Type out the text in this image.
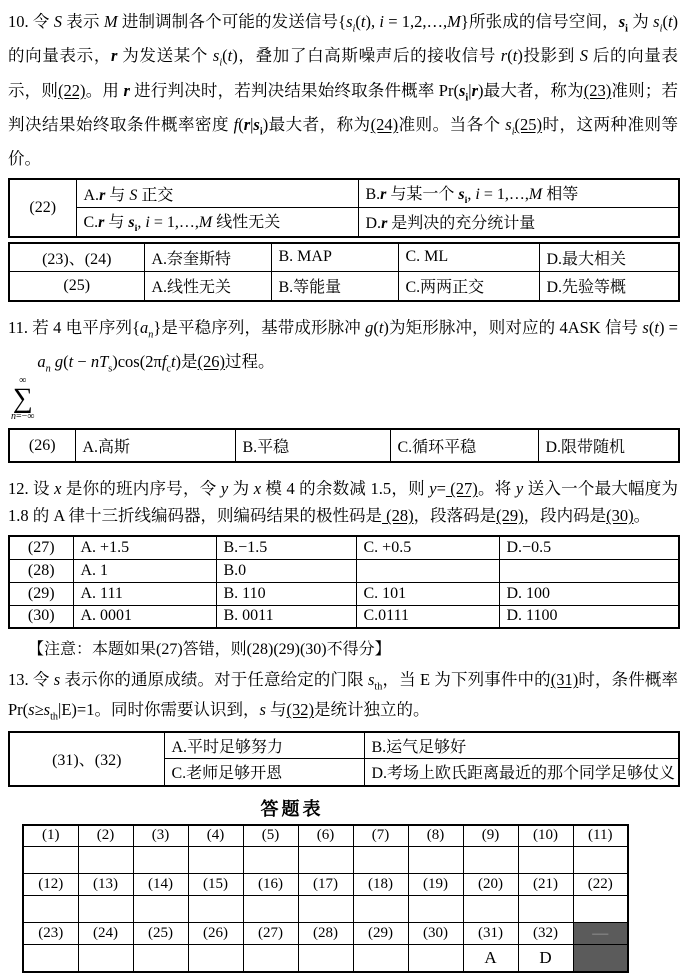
10. 令 S 表示 M 进制调制各个可能的发送信号{$s_i(t)$, i = 1,2,…,M}所张成的信号空间，$s_i$ 为 $s_i(t)$的向量表示，r 为发送某个 $s_i(t)$，叠加了白高斯噪声后的接收信号 r(t)投影到 S 后的向量表示，则(22)。用 r 进行判决时，若判决结果始终取条件概率 $Pr(s_i|r)$最大者，称为(23)准则；若判决结果始终取条件概率密度 $f(r|s_i)$最大者，称为(24)准则。当各个 $s_i(25)$时，这两种准则等价。

(22)	A.r 与 S 正交	B.r 与某一个 $s_i$, i = 1,…,M 相等
	C.r 与 $s_i$, i = 1,…,M 线性无关	D.r 是判决的充分统计量
(23)、(24)	A.奈奎斯特	B. MAP	C. ML	D.最大相关
(25)	A.线性无关	B.等能量	C.两两正交	D.先验等概

11. 若 4 电平序列$\{a_n\}$是平稳序列，基带成形脉冲 g(t)为矩形脉冲，则对应的 4ASK 信号 s(t) =
∞
∑
n=−∞
$a_n$ $g(t - nT_s)\cos(2\pi f_ct)$是(26)过程。

(26)	A.高斯	B.平稳	C.循环平稳	D.限带随机

12. 设 x 是你的班内序号，令 y 为 x 模 4 的余数减 1.5，则 y= (27)。将 y 送入一个最大幅度为 1.8 的 A 律十三折线编码器，则编码结果的极性码是 (28)，段落码是(29)，段内码是(30)。

(27)	A. +1.5	B.−1.5	C. +0.5	D.−0.5
(28)	A. 1	B.0		
(29)	A. 111	B. 110	C. 101	D. 100
(30)	A. 0001	B. 0011	C.0111	D. 1100

【注意：本题如果(27)答错，则(28)(29)(30)不得分】

13. 令 s 表示你的通原成绩。对于任意给定的门限 $s_{th}$，当 E 为下列事件中的(31)时，条件概率 $Pr(s\ge s_{th}|E)=1$。同时你需要认识到，s 与(32)是统计独立的。

(31)、(32)	A.平时足够努力	B.运气足够好
	C.老师足够开恩	D.考场上欧氏距离最近的那个同学足够仗义
答题表
(1)	(2)	(3)	(4)	(5)	(6)	(7)	(8)	(9)	(10)	(11)

(12)	(13)	(14)	(15)	(16)	(17)	(18)	(19)	(20)	(21)	(22)

(23)	(24)	(25)	(26)	(27)	(28)	(29)	(30)	(31)	(32)	—
								A	D	
